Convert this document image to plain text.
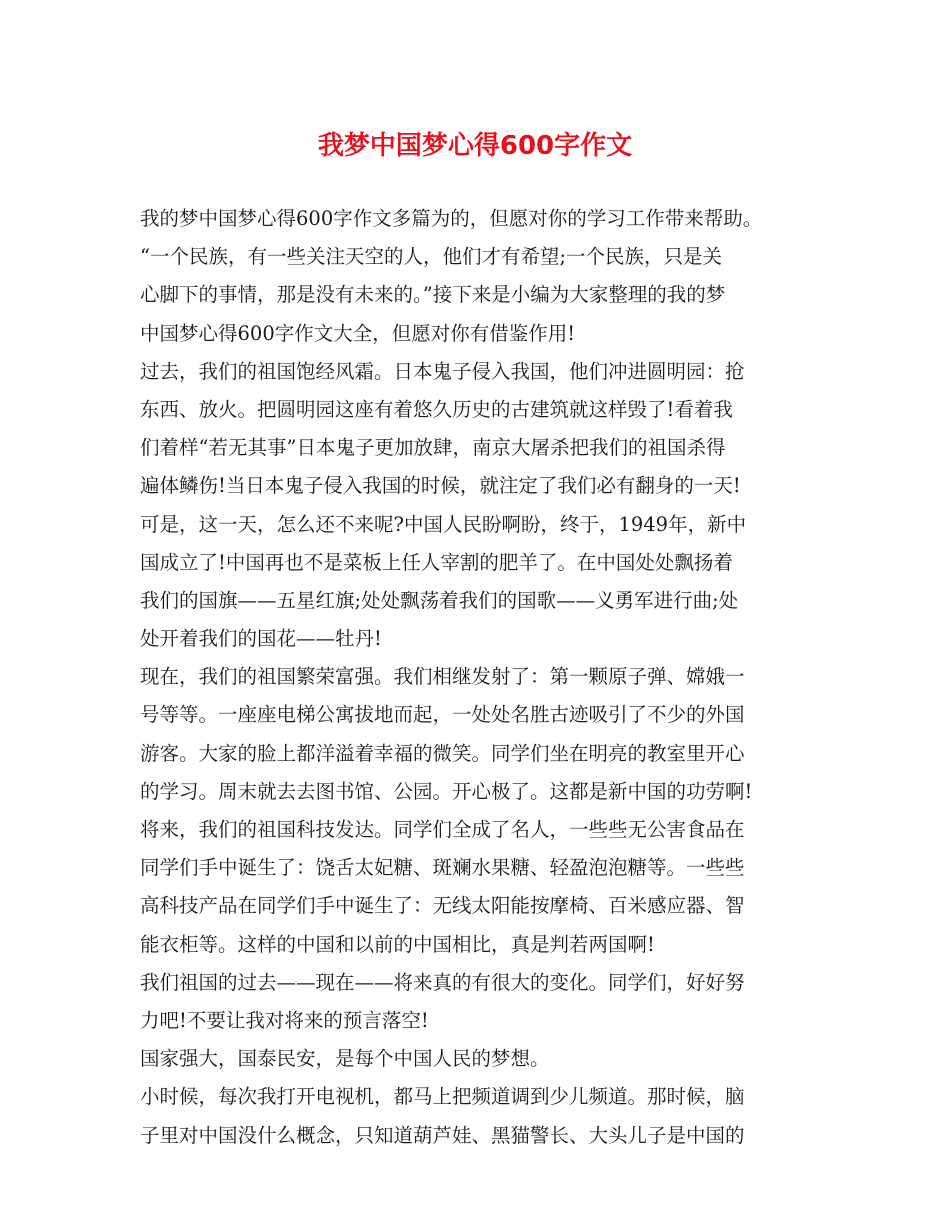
我梦中国梦心得600字作文
我的梦中国梦心得600字作文多篇为的，但愿对你的学习工作带来帮助。
“一个民族，有一些关注天空的人，他们才有希望;一个民族，只是关
心脚下的事情，那是没有未来的。”接下来是小编为大家整理的我的梦
中国梦心得600字作文大全，但愿对你有借鉴作用!
过去，我们的祖国饱经风霜。日本鬼子侵入我国，他们冲进圆明园：抢
东西、放火。把圆明园这座有着悠久历史的古建筑就这样毁了!看着我
们着样“若无其事”日本鬼子更加放肆，南京大屠杀把我们的祖国杀得
遍体鳞伤!当日本鬼子侵入我国的时候，就注定了我们必有翻身的一天!
可是，这一天，怎么还不来呢?中国人民盼啊盼，终于，1949年，新中
国成立了!中国再也不是菜板上任人宰割的肥羊了。在中国处处飘扬着
我们的国旗——五星红旗;处处飘荡着我们的国歌——义勇军进行曲;处
处开着我们的国花——牡丹!
现在，我们的祖国繁荣富强。我们相继发射了：第一颗原子弹、嫦娥一
号等等。一座座电梯公寓拔地而起，一处处名胜古迹吸引了不少的外国
游客。大家的脸上都洋溢着幸福的微笑。同学们坐在明亮的教室里开心
的学习。周末就去去图书馆、公园。开心极了。这都是新中国的功劳啊!
将来，我们的祖国科技发达。同学们全成了名人，一些些无公害食品在
同学们手中诞生了：饶舌太妃糖、斑斓水果糖、轻盈泡泡糖等。一些些
高科技产品在同学们手中诞生了：无线太阳能按摩椅、百米感应器、智
能衣柜等。这样的中国和以前的中国相比，真是判若两国啊!
我们祖国的过去——现在——将来真的有很大的变化。同学们，好好努
力吧!不要让我对将来的预言落空!
国家强大，国泰民安，是每个中国人民的梦想。
小时候，每次我打开电视机，都马上把频道调到少儿频道。那时候，脑
子里对中国没什么概念，只知道葫芦娃、黑猫警长、大头儿子是中国的
